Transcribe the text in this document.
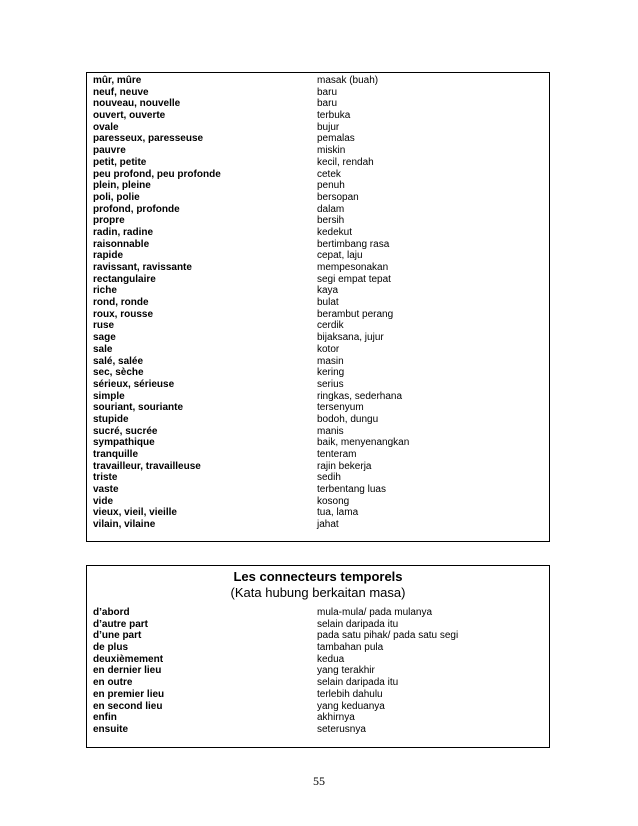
mûr, mûre	masak (buah)
neuf, neuve	baru
nouveau, nouvelle	baru
ouvert, ouverte	terbuka
ovale	bujur
paresseux, paresseuse	pemalas
pauvre	miskin
petit, petite	kecil, rendah
peu profond, peu profonde	cetek
plein, pleine	penuh
poli, polie	bersopan
profond, profonde	dalam
propre	bersih
radin, radine	kedekut
raisonnable	bertimbang rasa
rapide	cepat, laju
ravissant, ravissante	mempesonakan
rectangulaire	segi empat tepat
riche	kaya
rond, ronde	bulat
roux, rousse	berambut perang
ruse	cerdik
sage	bijaksana, jujur
sale	kotor
salé, salée	masin
sec, sèche	kering
sérieux, sérieuse	serius
simple	ringkas, sederhana
souriant, souriante	tersenyum
stupide	bodoh, dungu
sucré, sucrée	manis
sympathique	baik, menyenangkan
tranquille	tenteram
travailleur, travailleuse	rajin bekerja
triste	sedih
vaste	terbentang luas
vide	kosong
vieux, vieil, vieille	tua, lama
vilain, vilaine	jahat
Les connecteurs temporels
(Kata hubung berkaitan masa)
d’abord	mula-mula/ pada mulanya
d’autre part	selain daripada itu
d’une part	pada satu pihak/ pada satu segi
de plus	tambahan pula
deuxièmement	kedua
en dernier lieu	yang terakhir
en outre	selain daripada itu
en premier lieu	terlebih dahulu
en second lieu	yang keduanya
enfin	akhirnya
ensuite	seterusnya
55
